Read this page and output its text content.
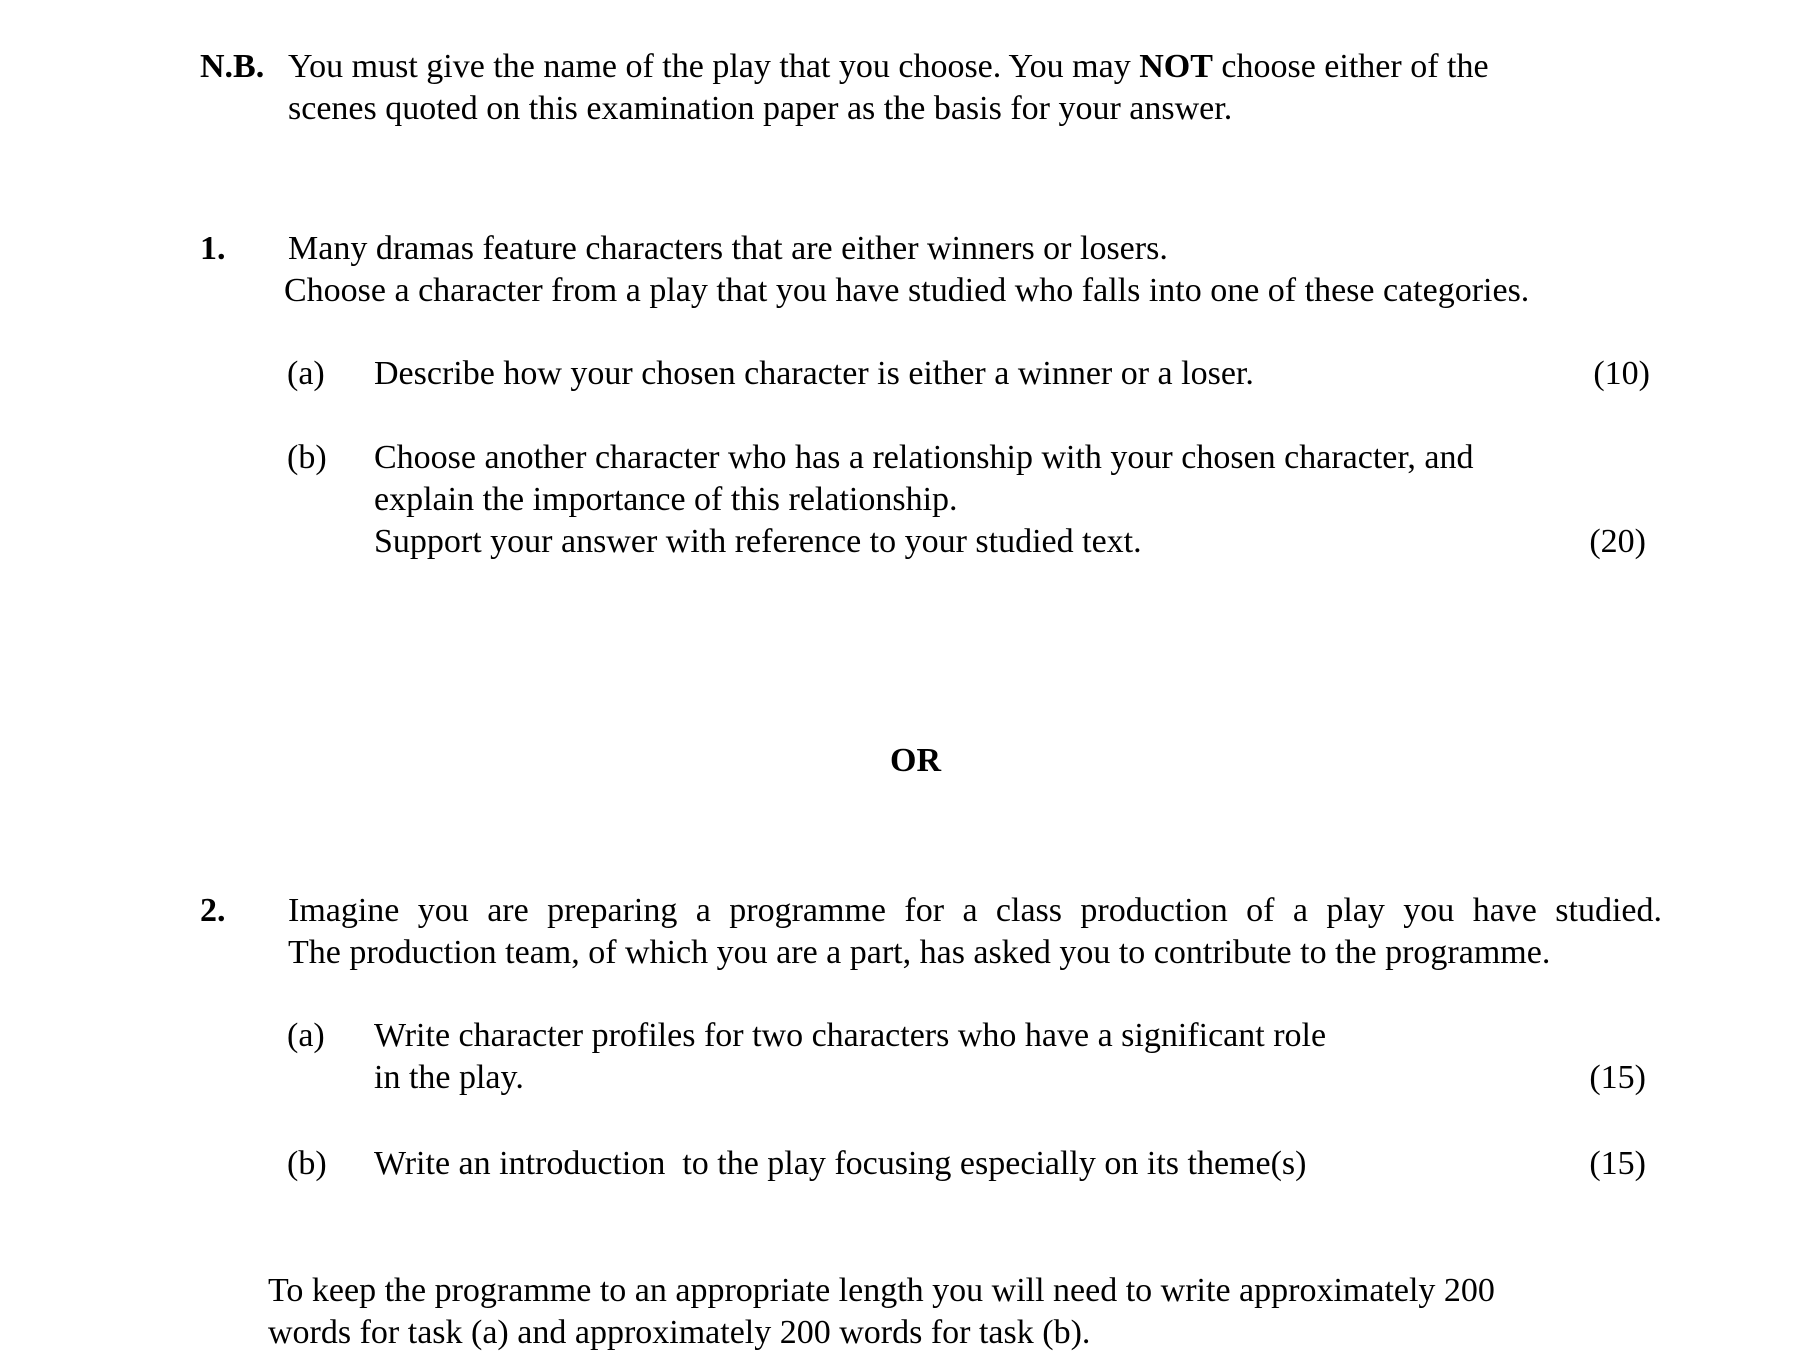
N.B. You must give the name of the play that you choose. You may NOT choose either of the
scenes quoted on this examination paper as the basis for your answer.
1. Many dramas feature characters that are either winners or losers.
Choose a character from a play that you have studied who falls into one of these categories.
(a) Describe how your chosen character is either a winner or a loser.	(10)
(b) Choose another character who has a relationship with your chosen character, and
explain the importance of this relationship.
Support your answer with reference to your studied text.	(20)

OR

2. Imagine you are preparing a programme for a class production of a play you have studied.
The production team, of which you are a part, has asked you to contribute to the programme.
(a) Write character profiles for two characters who have a significant role
in the play.	(15)
(b) Write an introduction  to the play focusing especially on its theme(s)	(15)
To keep the programme to an appropriate length you will need to write approximately 200
words for task (a) and approximately 200 words for task (b).
